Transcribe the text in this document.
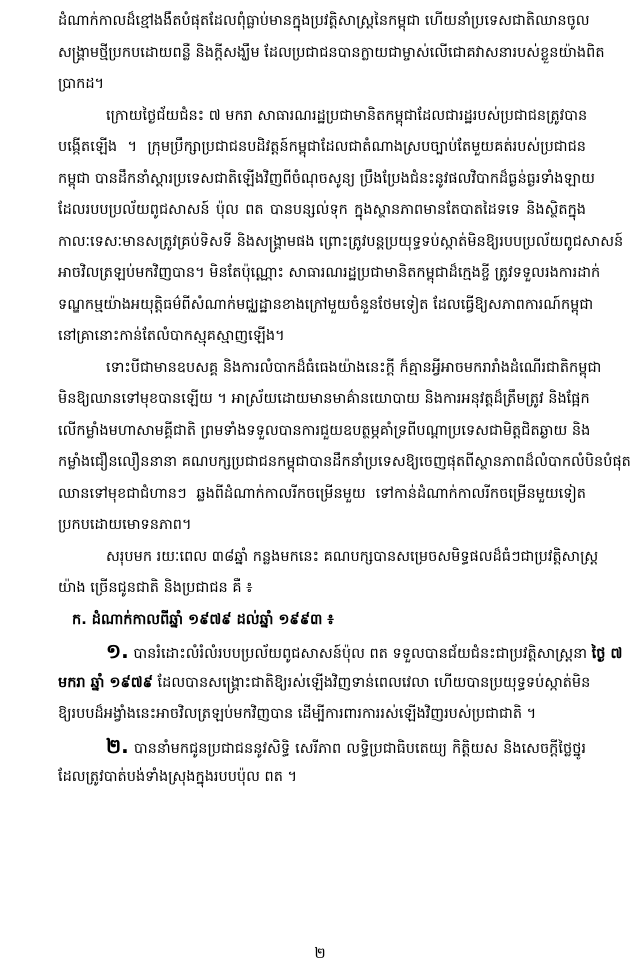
ដំណាក់កាលដ៏ខ្មៅងងឹតបំផុតដែលពុំធ្លាប់មានក្នុងប្រវត្តិសាស្ត្រនៃកម្ពុជា ហើយនាំប្រទេសជាតិឈានចូល
សង្គ្រាមថ្មីប្រកបដោយពន្លឺ និងក្តីសង្ឃឹម ដែលប្រជាជនបានក្លាយជាម្ចាស់លើជោគវាសនារបស់ខ្លួនយ៉ាងពិត
ប្រាកដ។
ក្រោយថ្ងៃជ័យជំនះ ៧ មករា សាធារណរដ្ឋប្រជាមានិតកម្ពុជាដែលជារដ្ឋរបស់ប្រជាជនត្រូវបាន
បង្កើតឡើង ។ ក្រុមប្រឹក្សាប្រជាជនបដិវត្តន៍កម្ពុជាដែលជាតំណាងស្របច្បាប់តែមួយគត់របស់ប្រជាជន
កម្ពុជា បានដឹកនាំស្តារប្រទេសជាតិឡើងវិញពីចំណុចសូន្យ ប្រឹងប្រែងជំនះនូវផលវិបាកដ៏ធ្ងន់ធ្ងរទាំងឡាយ
ដែលរបបប្រល័យពូជសាសន៍ ប៉ុល ពត បានបន្សល់ទុក ក្នុងស្ថានភាពមានតែបាតដៃទទេ និងស្ថិតក្នុង
កាលៈទេសៈមានសត្រូវគ្រប់ទិសទី និងសង្គ្រាមផង ព្រោះត្រូវបន្តប្រយុទ្ធទប់ស្កាត់មិនឱ្យរបបប្រល័យពូជសាសន៍
អាចវិលត្រឡប់មកវិញបាន។ មិនតែប៉ុណ្ណោះ សាធារណរដ្ឋប្រជាមានិតកម្ពុជាដ៏ក្មេងខ្ចី ត្រូវទទួលរងការដាក់
ទណ្ឌកម្មយ៉ាងអយុត្តិធម៌ពីសំណាក់មជ្ឈដ្ឋានខាងក្រៅមួយចំនួនថែមទៀត ដែលធ្វើឱ្យសភាពការណ៍កម្ពុជា
នៅគ្រានោះកាន់តែលំបាកស្មុគស្មាញឡើង។
ទោះបីជាមានឧបសគ្គ និងការលំបាកដ៏ធំធេងយ៉ាងនេះក្តី ក៏គ្មានអ្វីអាចមករារាំងដំណើរជាតិកម្ពុជា
មិនឱ្យឈានទៅមុខបានឡើយ ។ អាស្រ័យដោយមានមាគ៌ានយោបាយ និងការអនុវត្តដ៏ត្រឹមត្រូវ និងផ្អែក
លើកម្លាំងមហាសាមគ្គីជាតិ ព្រមទាំងទទួលបានការជួយឧបត្ថម្ភគាំទ្រពីបណ្តាប្រទេសជាមិត្តជិតឆ្ងាយ និង
កម្លាំងជឿនលឿននានា គណបក្សប្រជាជនកម្ពុជាបានដឹកនាំប្រទេសឱ្យចេញផុតពីស្ថានភាពដ៏លំបាកលំបិនបំផុត
ឈានទៅមុខជាជំហានៗ ឆ្លងពីដំណាក់កាលរីកចម្រើនមួយ ទៅកាន់ដំណាក់កាលរីកចម្រើនមួយទៀត
ប្រកបដោយមោទនភាព។
សរុបមក រយៈពេល ៣៨ឆ្នាំ កន្លងមកនេះ គណបក្សបានសម្រេចសមិទ្ធផលដ៏ធំៗជាប្រវត្តិសាស្ត្រ
យ៉ាង ច្រើនជូនជាតិ និងប្រជាជន គឺ ៖
ក. ដំណាក់កាលពីឆ្នាំ ១៩៧៩ ដល់ឆ្នាំ ១៩៩៣ ៖
១. បានរំដោះលំរំលំរបបប្រល័យពូជសាសន៍ប៉ុល ពត ទទួលបានជ័យជំនះជាប្រវត្តិសាស្ត្រនា ថ្ងៃ ៧
មករា ឆ្នាំ ១៩៧៩ ដែលបានសង្គ្រោះជាតិឱ្យរស់ឡើងវិញទាន់ពេលវេលា ហើយបានប្រយុទ្ធទប់ស្កាត់មិន
ឱ្យរបបដ៏អង្វាំងនេះអាចវិលត្រឡប់មកវិញបាន ដើម្បីការពារការរស់ឡើងវិញរបស់ប្រជាជាតិ ។
២. បាននាំមកជូនប្រជាជននូវសិទ្ធិ សេរីភាព លទ្ធិប្រជាធិបតេយ្យ កិត្តិយស និងសេចក្តីថ្លៃថ្នូរ
ដែលត្រូវបាត់បង់ទាំងស្រុងក្នុងរបបប៉ុល ពត ។
២
